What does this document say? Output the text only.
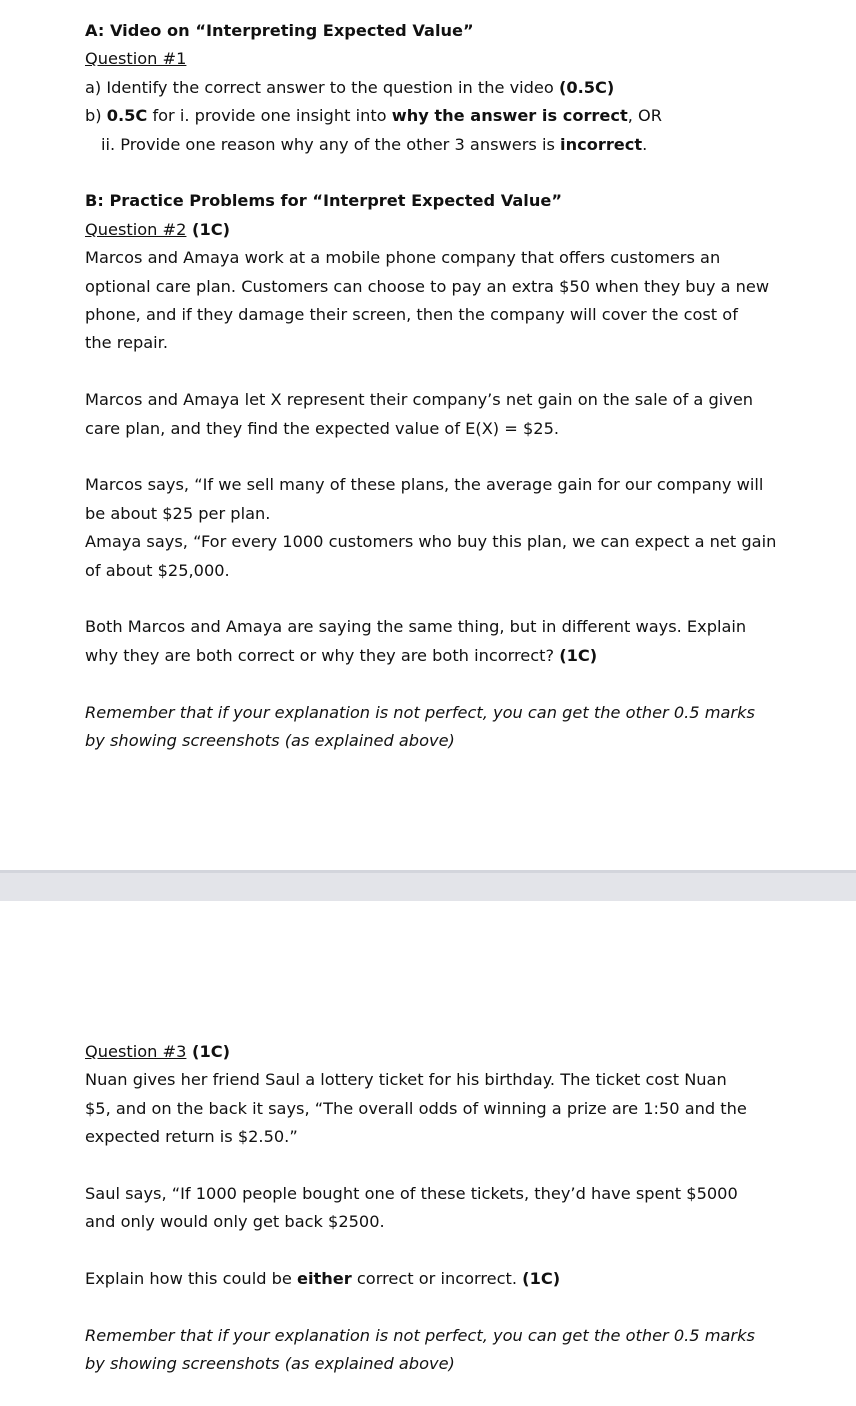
A: Video on “Interpreting Expected Value”

Question #1

a) Identify the correct answer to the question in the video (0.5C)

b) 0.5C for i. provide one insight into why the answer is correct, OR

ii. Provide one reason why any of the other 3 answers is incorrect.

B: Practice Problems for “Interpret Expected Value”

Question #2 (1C)

Marcos and Amaya work at a mobile phone company that offers customers an

optional care plan. Customers can choose to pay an extra $50 when they buy a new

phone, and if they damage their screen, then the company will cover the cost of

the repair.

Marcos and Amaya let X represent their company’s net gain on the sale of a given

care plan, and they find the expected value of E(X) = $25.

Marcos says, “If we sell many of these plans, the average gain for our company will

be about $25 per plan.

Amaya says, “For every 1000 customers who buy this plan, we can expect a net gain

of about $25,000.

Both Marcos and Amaya are saying the same thing, but in different ways. Explain

why they are both correct or why they are both incorrect? (1C)

Remember that if your explanation is not perfect, you can get the other 0.5 marks

by showing screenshots (as explained above)

Question #3 (1C)

Nuan gives her friend Saul a lottery ticket for his birthday. The ticket cost Nuan

$5, and on the back it says, “The overall odds of winning a prize are 1:50 and the

expected return is $2.50.”

Saul says, “If 1000 people bought one of these tickets, they’d have spent $5000

and only would only get back $2500.

Explain how this could be either correct or incorrect. (1C)

Remember that if your explanation is not perfect, you can get the other 0.5 marks

by showing screenshots (as explained above)
